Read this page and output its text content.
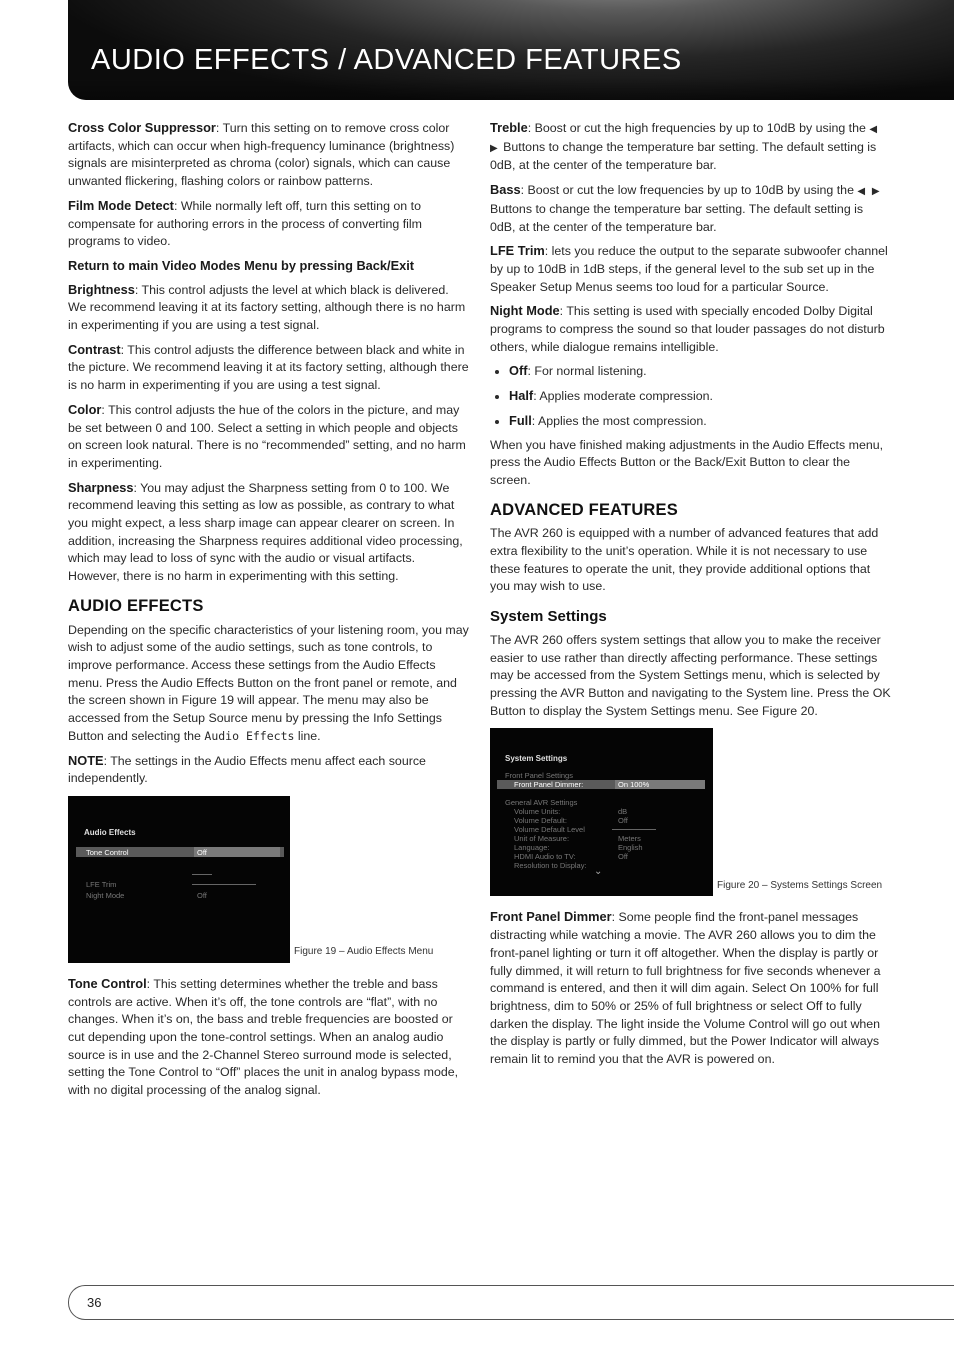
AUDIO EFFECTS / ADVANCED FEATURES

Cross Color Suppressor: Turn this setting on to remove cross color artifacts, which can occur when high-frequency luminance (brightness) signals are misinterpreted as chroma (color) signals, which can cause unwanted flickering, flashing colors or rainbow patterns.

Film Mode Detect: While normally left off, turn this setting on to compensate for authoring errors in the process of converting film programs to video.

Return to main Video Modes Menu by pressing Back/Exit

Brightness: This control adjusts the level at which black is delivered. We recommend leaving it at its factory setting, although there is no harm in experimenting if you are using a test signal.

Contrast: This control adjusts the difference between black and white in the picture. We recommend leaving it at its factory setting, although there is no harm in experimenting if you are using a test signal.

Color: This control adjusts the hue of the colors in the picture, and may be set between 0 and 100. Select a setting in which people and objects on screen look natural. There is no “recommended” setting, and no harm in experimenting.

Sharpness: You may adjust the Sharpness setting from 0 to 100. We recommend leaving this setting as low as possible, as contrary to what you might expect, a less sharp image can appear clearer on screen. In addition, increasing the Sharpness requires additional video processing, which may lead to loss of sync with the audio or visual artifacts. However, there is no harm in experimenting with this setting.

AUDIO EFFECTS

Depending on the specific characteristics of your listening room, you may wish to adjust some of the audio settings, such as tone controls, to improve performance. Access these settings from the Audio Effects menu. Press the Audio Effects Button on the front panel or remote, and the screen shown in Figure 19 will appear. The menu may also be accessed from the Setup Source menu by pressing the Info Settings Button and selecting the Audio Effects line.

NOTE: The settings in the Audio Effects menu affect each source independently.

Audio Effects
Tone Control	Off
LFE Trim
Night Mode	Off
Figure 19 – Audio Effects Menu

Tone Control: This setting determines whether the treble and bass controls are active. When it’s off, the tone controls are “flat”, with no changes. When it’s on, the bass and treble frequencies are boosted or cut depending upon the tone-control settings. When an analog audio source is in use and the 2-Channel Stereo surround mode is selected, setting the Tone Control to “Off” places the unit in analog bypass mode, with no digital processing of the analog signal.

Treble: Boost or cut the high frequencies by up to 10dB by using the ◀ ▶ Buttons to change the temperature bar setting. The default setting is 0dB, at the center of the temperature bar.

Bass: Boost or cut the low frequencies by up to 10dB by using the ◀ ▶ Buttons to change the temperature bar setting. The default setting is 0dB, at the center of the temperature bar.

LFE Trim: lets you reduce the output to the separate subwoofer channel by up to 10dB in 1dB steps, if the general level to the sub set up in the Speaker Setup Menus seems too loud for a particular Source.

Night Mode: This setting is used with specially encoded Dolby Digital programs to compress the sound so that louder passages do not disturb others, while dialogue remains intelligible.

• Off: For normal listening.
• Half: Applies moderate compression.
• Full: Applies the most compression.

When you have finished making adjustments in the Audio Effects menu, press the Audio Effects Button or the Back/Exit Button to clear the screen.

ADVANCED FEATURES

The AVR 260 is equipped with a number of advanced features that add extra flexibility to the unit’s operation. While it is not necessary to use these features to operate the unit, they provide additional options that you may wish to use.

System Settings

The AVR 260 offers system settings that allow you to make the receiver easier to use rather than directly affecting performance. These settings may be accessed from the System Settings menu, which is selected by pressing the AVR Button and navigating to the System line. Press the OK Button to display the System Settings menu. See Figure 20.

System Settings
Front Panel Settings
Front Panel Dimmer:	On 100%
General AVR Settings
Volume Units:	dB
Volume Default:	Off
Volume Default Level
Unit of Measure:	Meters
Language:	English
HDMI Audio to TV:	Off
Resolution to Display:
⌄
Figure 20 – Systems Settings Screen

Front Panel Dimmer: Some people find the front-panel messages distracting while watching a movie. The AVR 260 allows you to dim the front-panel lighting or turn it off altogether. When the display is partly or fully dimmed, it will return to full brightness for five seconds whenever a command is entered, and then it will dim again. Select On 100% for full brightness, dim to 50% or 25% of full brightness or select Off to fully darken the display. The light inside the Volume Control will go out when the display is partly or fully dimmed, but the Power Indicator will always remain lit to remind you that the AVR is powered on.

36
